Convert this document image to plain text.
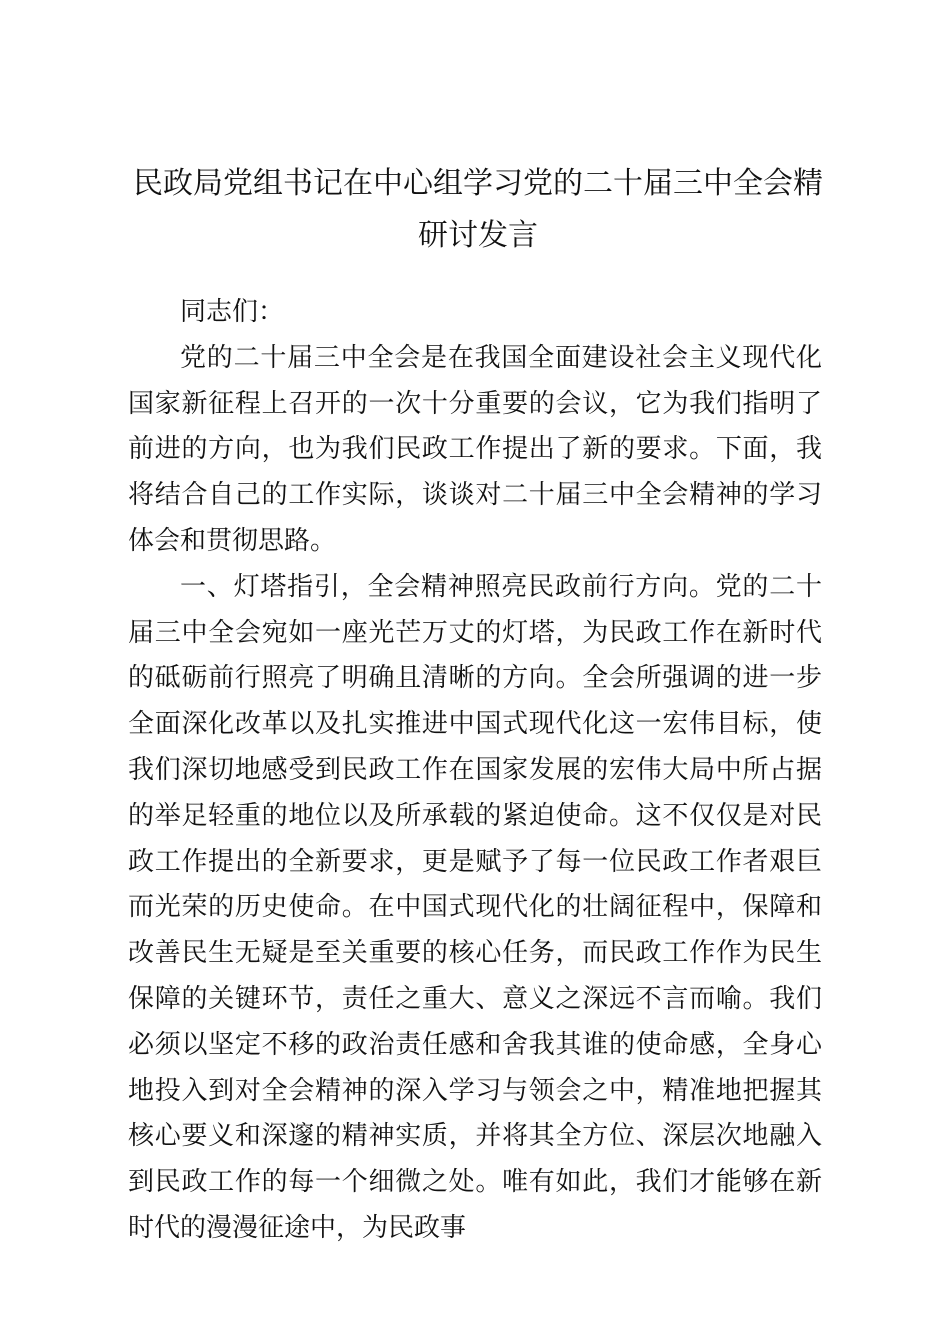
民政局党组书记在中心组学习党的二十届三中全会精研讨发言

同志们：

党的二十届三中全会是在我国全面建设社会主义现代化国家新征程上召开的一次十分重要的会议，它为我们指明了前进的方向，也为我们民政工作提出了新的要求。下面，我将结合自己的工作实际，谈谈对二十届三中全会精神的学习体会和贯彻思路。

一、灯塔指引，全会精神照亮民政前行方向。党的二十届三中全会宛如一座光芒万丈的灯塔，为民政工作在新时代的砥砺前行照亮了明确且清晰的方向。全会所强调的进一步全面深化改革以及扎实推进中国式现代化这一宏伟目标，使我们深切地感受到民政工作在国家发展的宏伟大局中所占据的举足轻重的地位以及所承载的紧迫使命。这不仅仅是对民政工作提出的全新要求，更是赋予了每一位民政工作者艰巨而光荣的历史使命。在中国式现代化的壮阔征程中，保障和改善民生无疑是至关重要的核心任务，而民政工作作为民生保障的关键环节，责任之重大、意义之深远不言而喻。我们必须以坚定不移的政治责任感和舍我其谁的使命感，全身心地投入到对全会精神的深入学习与领会之中，精准地把握其核心要义和深邃的精神实质，并将其全方位、深层次地融入到民政工作的每一个细微之处。唯有如此，我们才能够在新时代的漫漫征途中，为民政事
